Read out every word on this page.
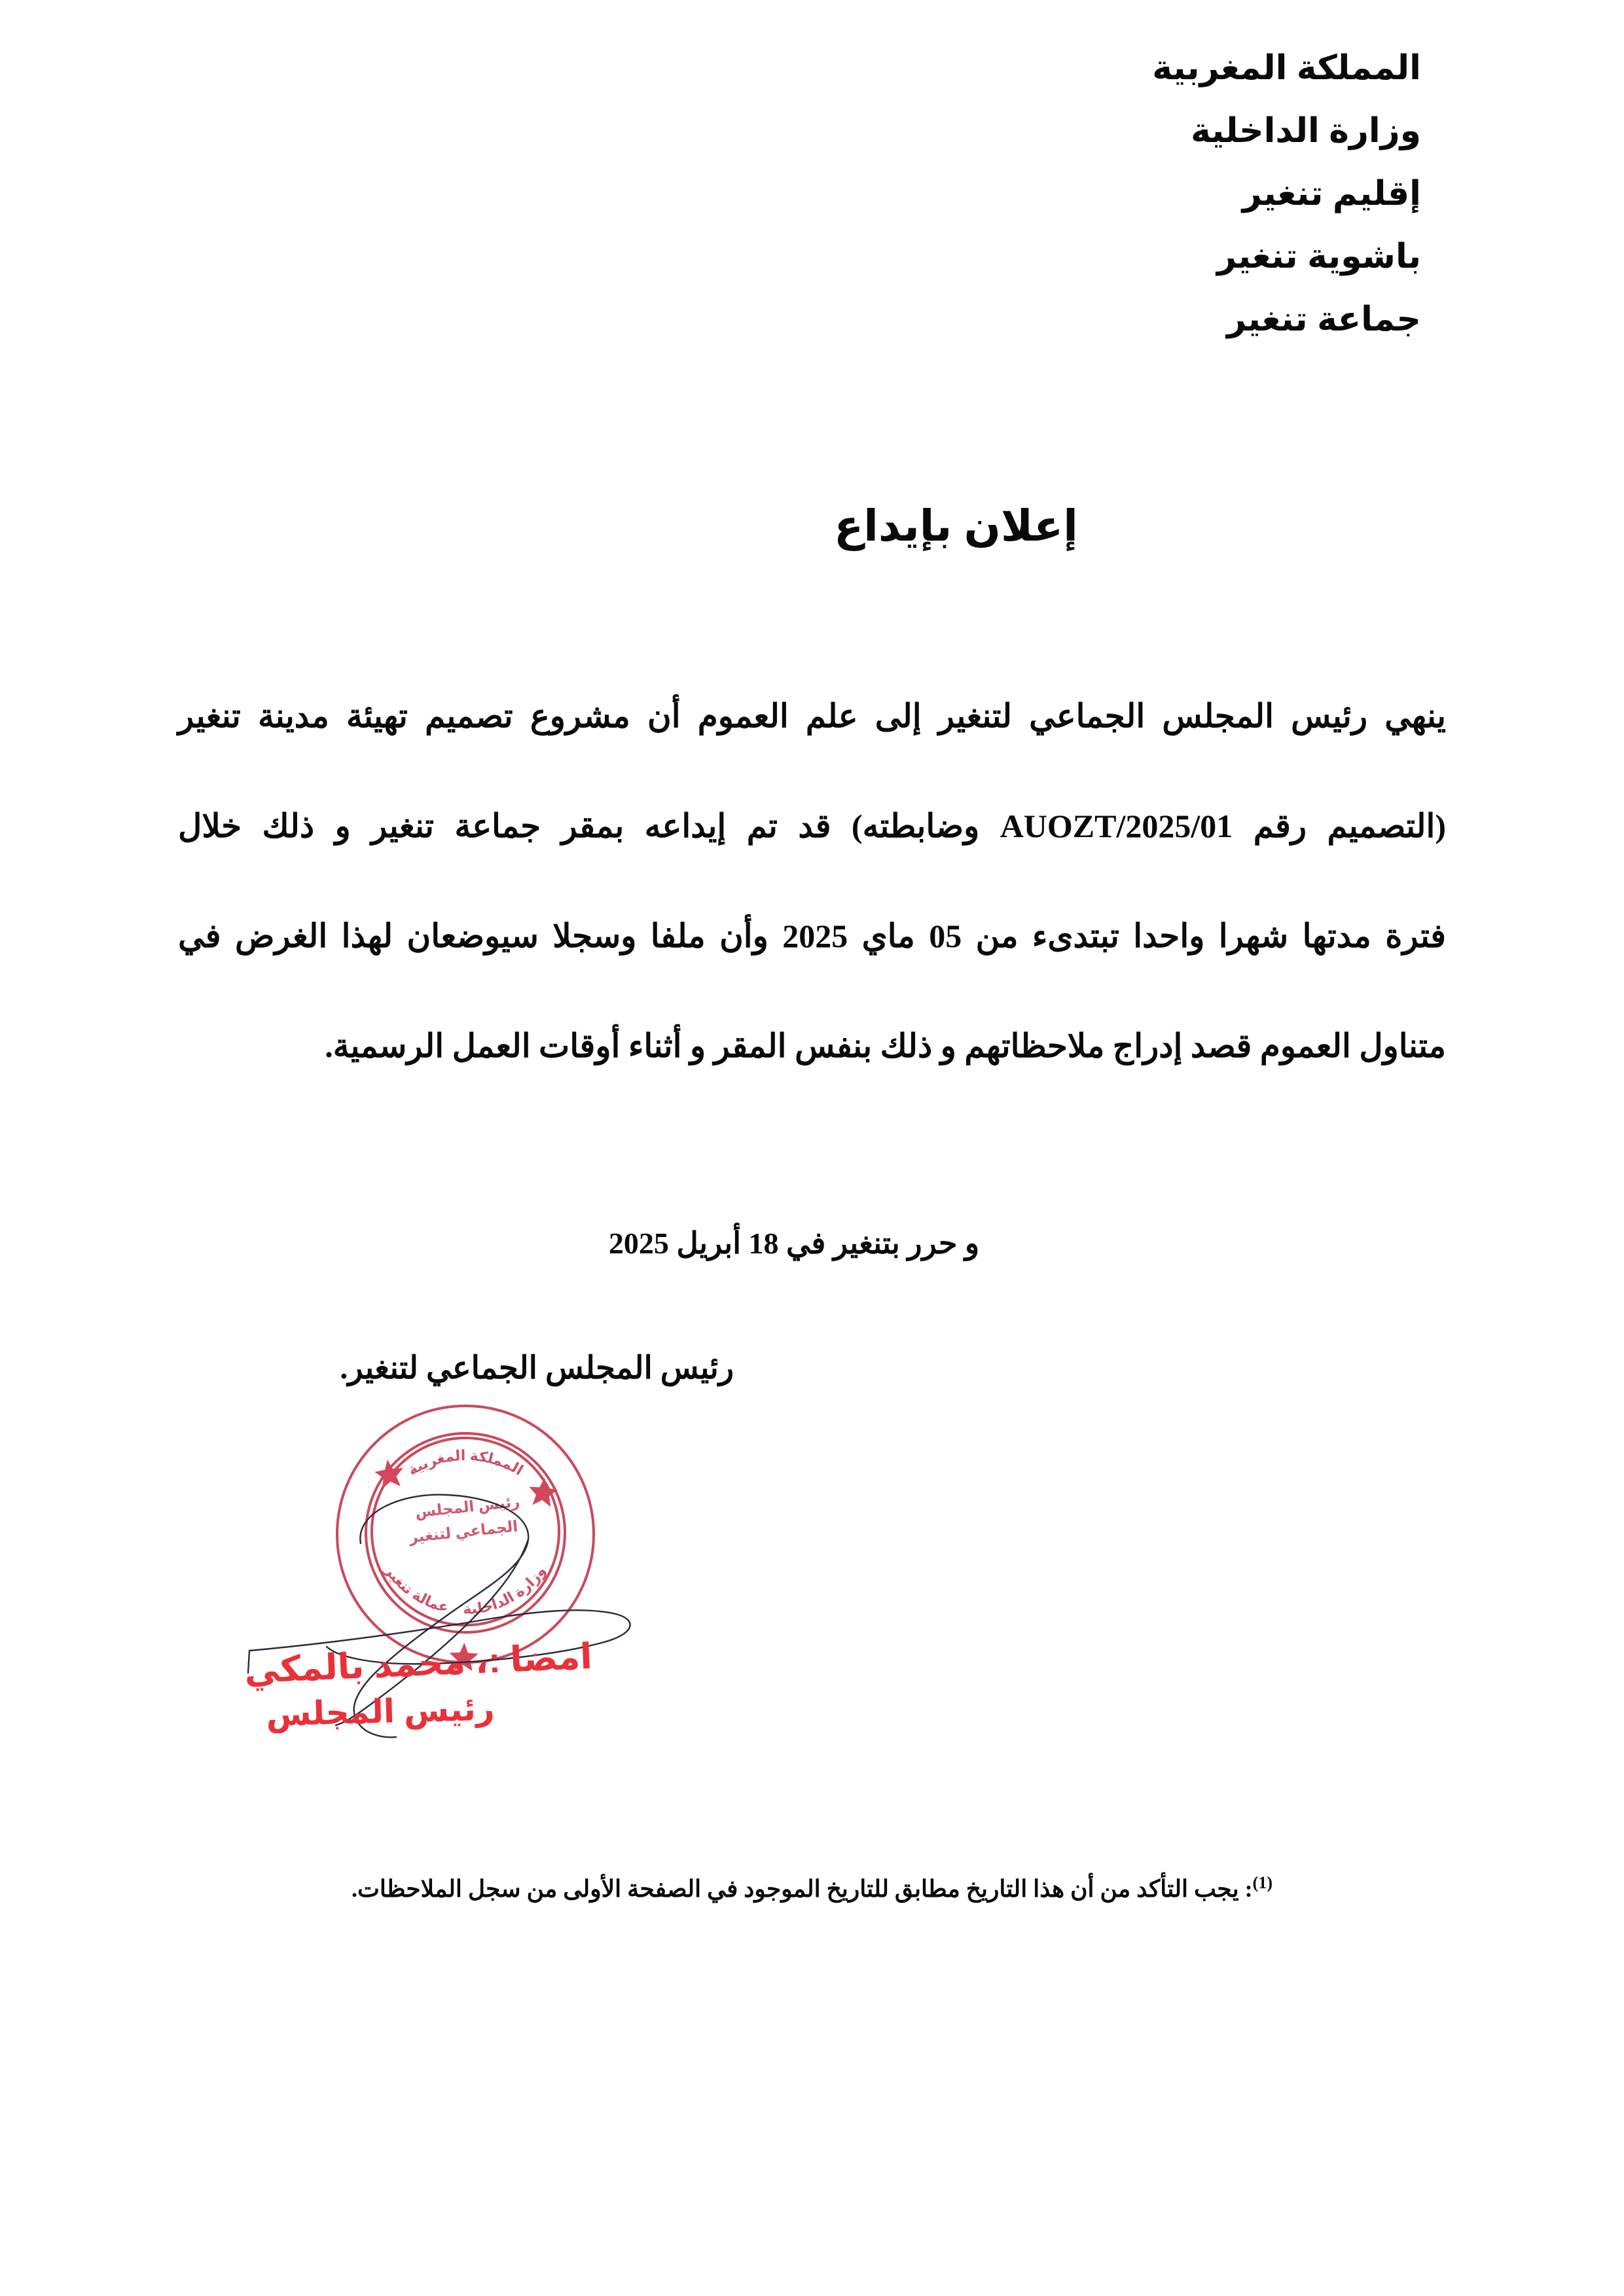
المملكة المغربية
وزارة الداخلية
إقليم تنغير
باشوية تنغير
جماعة تنغير
إعلان بإيداع

ينهي رئيس المجلس الجماعي لتنغير إلى علم العموم أن مشروع تصميم تهيئة مدينة تنغير

(التصميم رقم 01/AUOZT/2025 وضابطته) قد تم إيداعه بمقر جماعة تنغير و ذلك خلال

فترة مدتها شهرا واحدا تبتدىء من 05 ماي 2025 وأن ملفا وسجلا سيوضعان لهذا الغرض في

متناول العموم قصد إدراج ملاحظاتهم و ذلك بنفس المقر و أثناء أوقات العمل الرسمية.

و حرر بتنغير في 18 أبريل 2025
رئيس المجلس الجماعي لتنغير.
المملكة المغربية
عمالة تنغير وزارة الداخلية
رئيس المجلس
الجماعي لتنغير
امضا :، محمد بالمكي
رئيس المجلس
$^{(1)}$: يجب التأكد من أن هذا التاريخ مطابق للتاريخ الموجود في الصفحة الأولى من سجل الملاحظات.
